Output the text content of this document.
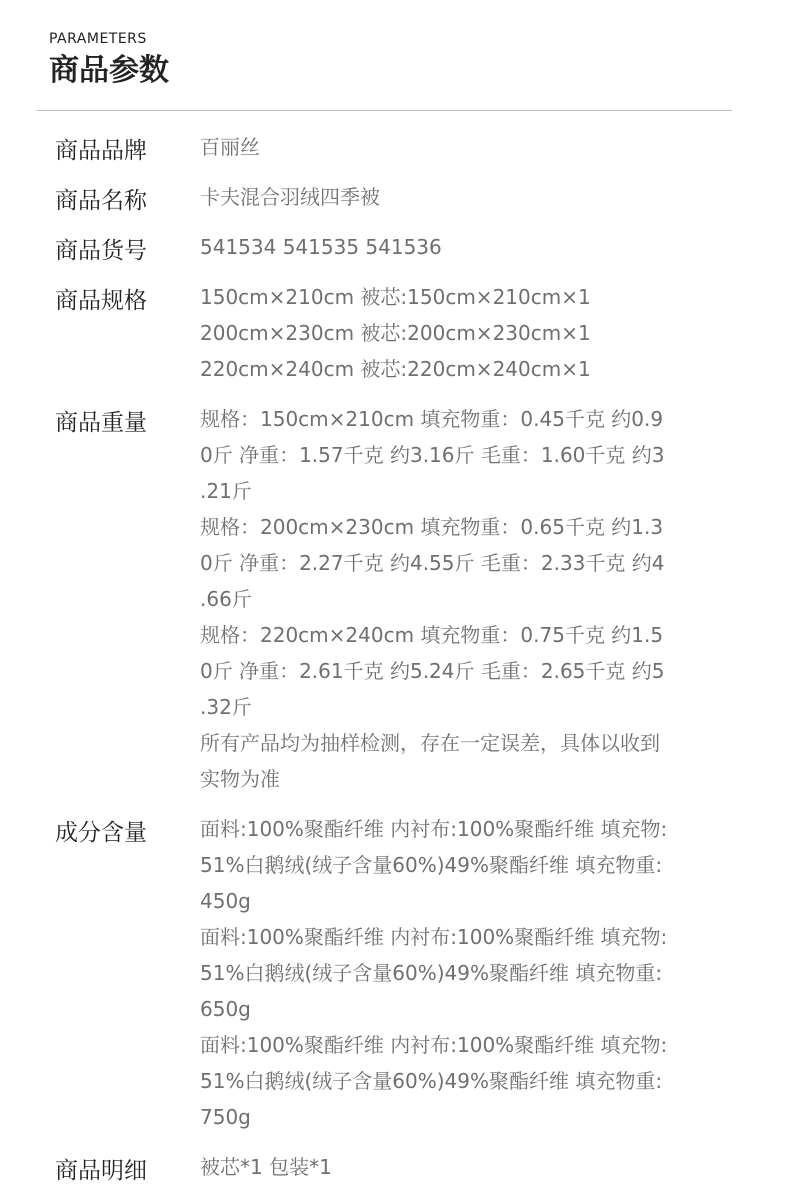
PARAMETERS
商品参数
商品品牌	百丽丝
商品名称	卡夫混合羽绒四季被
商品货号	541534 541535 541536
商品规格	150cm×210cm 被芯:150cm×210cm×1
200cm×230cm 被芯:200cm×230cm×1
220cm×240cm 被芯:220cm×240cm×1
商品重量	规格：150cm×210cm 填充物重：0.45千克 约0.9
0斤 净重：1.57千克 约3.16斤 毛重：1.60千克 约3
.21斤
规格：200cm×230cm 填充物重：0.65千克 约1.3
0斤 净重：2.27千克 约4.55斤 毛重：2.33千克 约4
.66斤
规格：220cm×240cm 填充物重：0.75千克 约1.5
0斤 净重：2.61千克 约5.24斤 毛重：2.65千克 约5
.32斤
所有产品均为抽样检测，存在一定误差，具体以收到
实物为准
成分含量	面料:100%聚酯纤维 内衬布:100%聚酯纤维 填充物:
51%白鹅绒(绒子含量60%)49%聚酯纤维 填充物重:
450g
面料:100%聚酯纤维 内衬布:100%聚酯纤维 填充物:
51%白鹅绒(绒子含量60%)49%聚酯纤维 填充物重:
650g
面料:100%聚酯纤维 内衬布:100%聚酯纤维 填充物:
51%白鹅绒(绒子含量60%)49%聚酯纤维 填充物重:
750g
商品明细	被芯*1 包装*1
